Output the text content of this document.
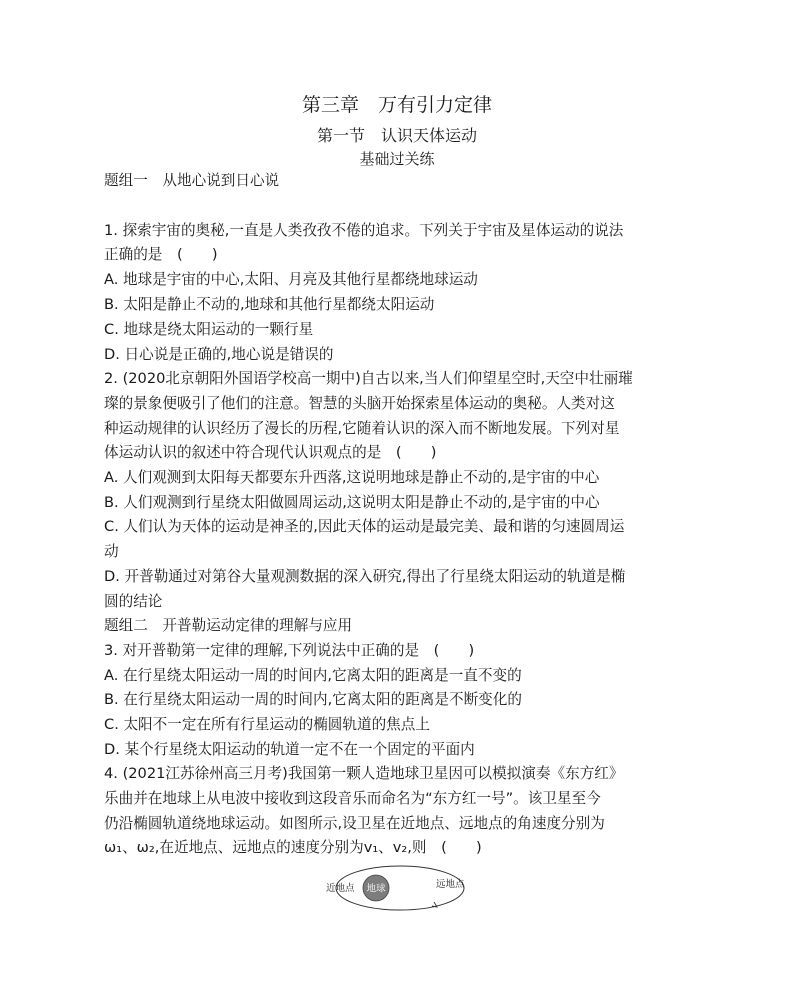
第三章　万有引力定律
第一节　认识天体运动
基础过关练
题组一　从地心说到日心说
1. 探索宇宙的奥秘,一直是人类孜孜不倦的追求。下列关于宇宙及星体运动的说法
正确的是　(　　)
A. 地球是宇宙的中心,太阳、月亮及其他行星都绕地球运动
B. 太阳是静止不动的,地球和其他行星都绕太阳运动
C. 地球是绕太阳运动的一颗行星
D. 日心说是正确的,地心说是错误的
2. (2020北京朝阳外国语学校高一期中)自古以来,当人们仰望星空时,天空中壮丽璀
璨的景象便吸引了他们的注意。智慧的头脑开始探索星体运动的奥秘。人类对这
种运动规律的认识经历了漫长的历程,它随着认识的深入而不断地发展。下列对星
体运动认识的叙述中符合现代认识观点的是　(　　)
A. 人们观测到太阳每天都要东升西落,这说明地球是静止不动的,是宇宙的中心
B. 人们观测到行星绕太阳做圆周运动,这说明太阳是静止不动的,是宇宙的中心
C. 人们认为天体的运动是神圣的,因此天体的运动是最完美、最和谐的匀速圆周运
动
D. 开普勒通过对第谷大量观测数据的深入研究,得出了行星绕太阳运动的轨道是椭
圆的结论
题组二　开普勒运动定律的理解与应用
3. 对开普勒第一定律的理解,下列说法中正确的是　(　　)
A. 在行星绕太阳运动一周的时间内,它离太阳的距离是一直不变的
B. 在行星绕太阳运动一周的时间内,它离太阳的距离是不断变化的
C. 太阳不一定在所有行星运动的椭圆轨道的焦点上
D. 某个行星绕太阳运动的轨道一定不在一个固定的平面内
4. (2021江苏徐州高三月考)我国第一颗人造地球卫星因可以模拟演奏《东方红》
乐曲并在地球上从电波中接收到这段音乐而命名为“东方红一号”。该卫星至今
仍沿椭圆轨道绕地球运动。如图所示,设卫星在近地点、远地点的角速度分别为
ω₁、ω₂,在近地点、远地点的速度分别为v₁、v₂,则　(　　)
地球
近地点	远地点
